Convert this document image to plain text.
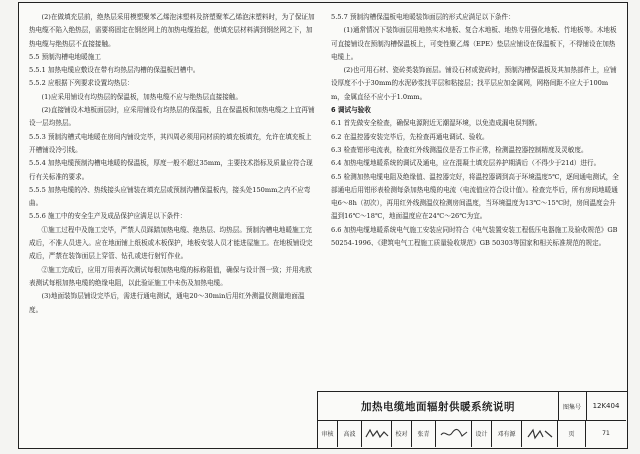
(2)在做填充层前，绝热层采用模塑聚苯乙烯泡沫塑料及挤塑聚苯乙烯泡沫塑料时，为了保证加热电缆不陷入绝热层，需要将固定在钢丝网上的加热电缆抬起，使填充层材料满到钢丝网之下，加热电缆与绝热层不直接接触。

5.5 预制沟槽电地暖施工

5.5.1 加热电缆应敷设在带有均热层沟槽的保温板凹槽中。

5.5.2 应根据下列要求设置均热层：

(1)应采用铺设有均热层的保温板，加热电缆不应与绝热层直接接触。

(2)直接铺设木地板面层时，应采用铺设有均热层的保温板，且在保温板和加热电缆之上宜再铺设一层均热层。

5.5.3 预制沟槽式电地暖在房间内铺设完毕，其四周必须用同材质的填充板填充，允许在填充板上开槽铺设冷引线。

5.5.4 加热电缆预制沟槽电地暖的保温板，厚度一般不超过35mm，主要技术指标及质量应符合现行有关标准的要求。

5.5.5 加热电缆的冷、热线接头应铺装在填充层或预制沟槽保温板内，接头处150mm之内不应弯曲。

5.5.6 施工中的安全生产及成品保护应满足以下条件：

①施工过程中及施工完毕，严禁人员踩踏加热电缆、绝热层、均热层。预制沟槽电地暖施工完成后，不准人员进入。应在地面铺上纸板或木板保护，地板安装人员才能进屋施工。在地板铺设完成后，严禁在装饰面层上穿管、钻孔或进行射钉作业。

②施工完成后，应用万用表再次测试每根加热电缆的标称阻值，确保与设计图一致；并用兆欧表测试每根加热电缆的绝缘电阻，以此验证施工中未伤及加热电缆。

(3)地面装饰层铺设完毕后，需进行通电测试，通电20～30min后用红外测温仪测量地面温度。

5.5.7 预制沟槽保温板电地暖装饰面层的形式应满足以下条件：

(1)通常情况下装饰面层用地热实木地板、复合木地板、地热专用强化地板、竹地板等。木地板可直接铺设在预制沟槽保温板上，可变性聚乙烯（EPE）垫层应铺设在保温板下，不得铺设在加热电缆上。

(2)也可用石材、瓷砖类装饰面层。铺设石材或瓷砖时，预制沟槽保温板及其加热部件上，应铺设厚度不小于30mm的水泥砂浆找平层和粘接层；找平层应加金属网，网格间距不应大于100mm，金属直径不应小于1.0mm。

6 调试与验收

6.1 首先做安全检查，确保电源附近无潮湿环境，以免造成漏电误判断。

6.2 在温控器安装完毕后，先检查再通电调试、验收。

6.3 检查钳形电流表，检查红外线测温仪是否工作正常，检测温控器控制精度及灵敏度。

6.4 加热电缆地暖系统的调试及通电，应在混凝土填充层养护期满后（不得少于21d）进行。

6.5 检测加热电缆电阻及绝缘值、温控器完好，将温控器调到高于环境温度5℃，逐间通电测试，全部通电后用钳形表检测每条加热电缆的电流（电流值应符合设计值）。检查完毕后，所有房间地暖通电6～8h（初次），再用红外线测温仪检测房间温度，当环境温度为13℃～15℃时，房间温度会升温到16℃～18℃，地面温度应在24℃～26℃为宜。

6.6 加热电缆地暖系统电气施工安装应同时符合《电气装置安装工程低压电器施工及验收规范》GB 50254-1996、《建筑电气工程施工质量验收规范》GB 50303等国家和相关标准规范的规定。

加热电缆地面辐射供暖系统说明	图集号	12K404
审核	高波	校对	张青	设计	邓有源	页	71
